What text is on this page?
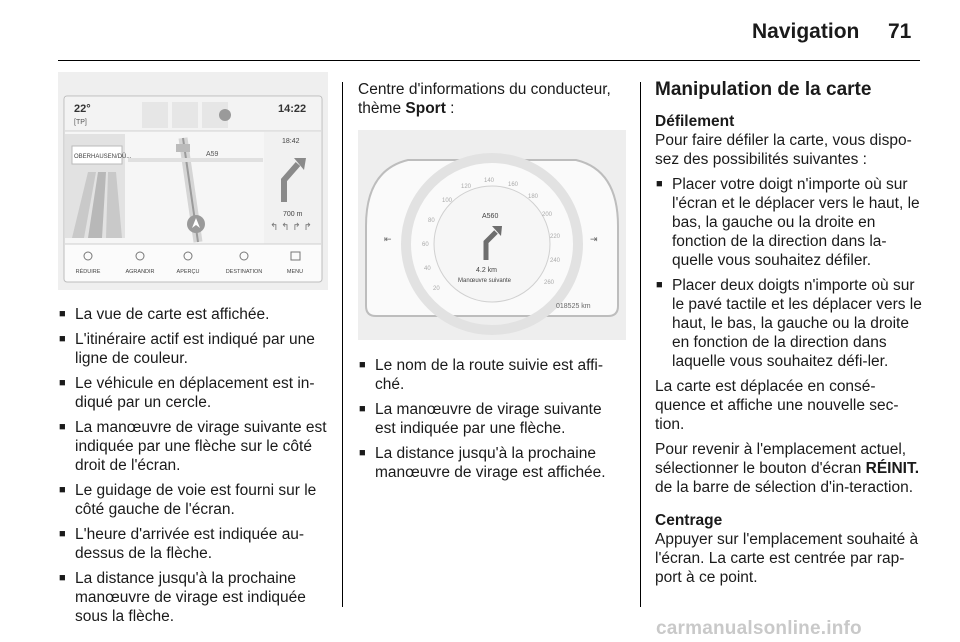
Navigation 71
22°
[TP]
14:22
OBERHAUSEN/DÜ...	A59
18:42
700 m
↰ ↰ ↱ ↱
RÉDUIRE	AGRANDIR	APERÇU	DESTINATION	MENU
■ La vue de carte est affichée.
■ L'itinéraire actif est indiqué par une ligne de couleur.
■ Le véhicule en déplacement est in-diqué par un cercle.
■ La manœuvre de virage suivante est indiquée par une flèche sur le côté droit de l'écran.
■ Le guidage de voie est fourni sur le côté gauche de l'écran.
■ L'heure d'arrivée est indiquée au-dessus de la flèche.
■ La distance jusqu'à la prochaine manœuvre de virage est indiquée sous la flèche.

Centre d'informations du conducteur, thème Sport :

20
40
60
80
100
120
140
160
180
200
220
240
260
A560
4.2 km
Manœuvre suivante
⇤	⇥
018525 km
■ Le nom de la route suivie est affi-ché.
■ La manœuvre de virage suivante est indiquée par une flèche.
■ La distance jusqu'à la prochaine manœuvre de virage est affichée.
Manipulation de la carte

Défilement

Pour faire défiler la carte, vous dispo-sez des possibilités suivantes :

■ Placer votre doigt n'importe où sur l'écran et le déplacer vers le haut, le bas, la gauche ou la droite en fonction de la direction dans la-quelle vous souhaitez défiler.
■ Placer deux doigts n'importe où sur le pavé tactile et les déplacer vers le haut, le bas, la gauche ou la droite en fonction de la direction dans laquelle vous souhaitez défi-ler.

La carte est déplacée en consé-quence et affiche une nouvelle sec-tion.

Pour revenir à l'emplacement actuel, sélectionner le bouton d'écran RÉINIT. de la barre de sélection d'in-teraction.

Centrage

Appuyer sur l'emplacement souhaité à l'écran. La carte est centrée par rap-port à ce point.

carmanualsonline.info
